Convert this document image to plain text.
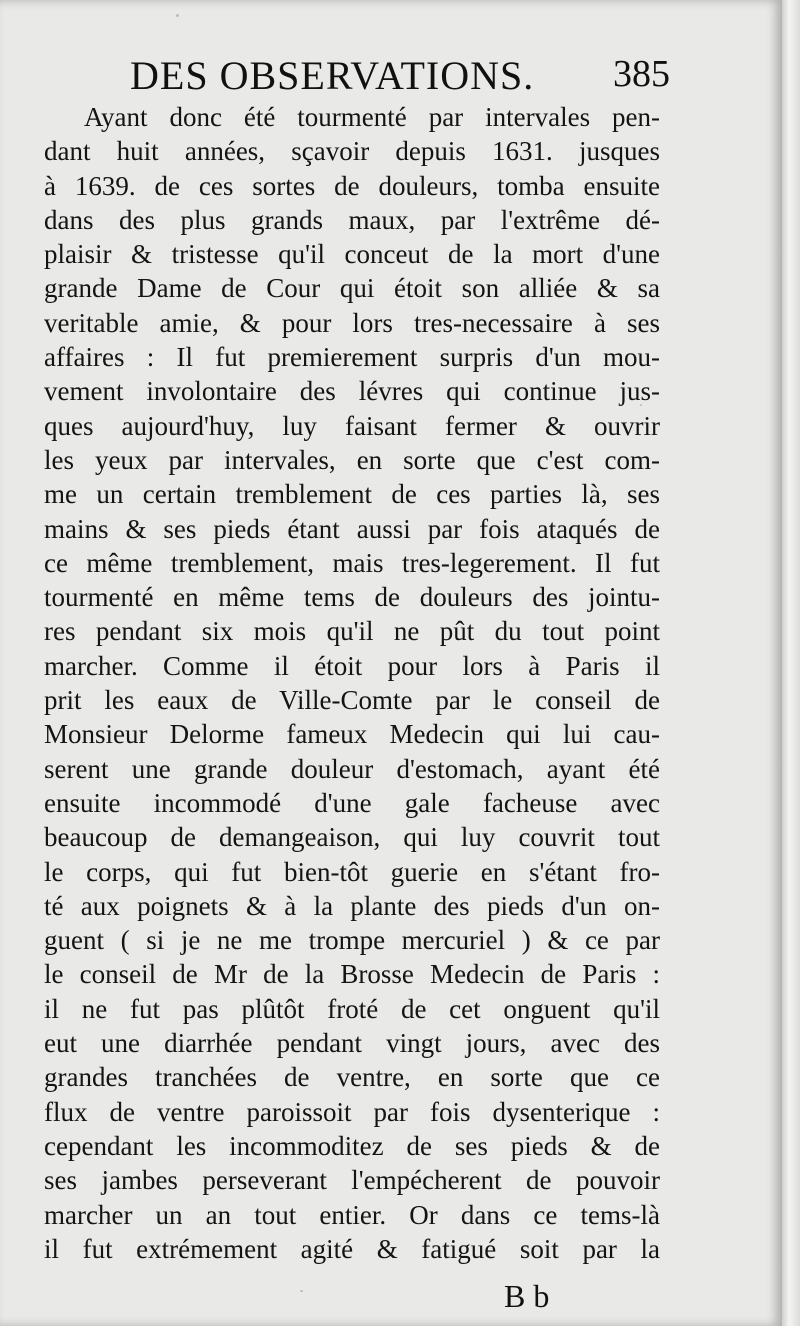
DES OBSERVATIONS. 385
Ayant donc été tourmenté par intervales pen-
dant huit années, sçavoir depuis 1631. jusques
à 1639. de ces sortes de douleurs, tomba ensuite
dans des plus grands maux, par l'extrême dé-
plaisir & tristesse qu'il conceut de la mort d'une
grande Dame de Cour qui étoit son alliée & sa
veritable amie, & pour lors tres-necessaire à ses
affaires : Il fut premierement surpris d'un mou-
vement involontaire des lévres qui continue jus-
ques aujourd'huy, luy faisant fermer & ouvrir
les yeux par intervales, en sorte que c'est com-
me un certain tremblement de ces parties là, ses
mains & ses pieds étant aussi par fois ataqués de
ce même tremblement, mais tres-legerement. Il fut
tourmenté en même tems de douleurs des jointu-
res pendant six mois qu'il ne pût du tout point
marcher. Comme il étoit pour lors à Paris il
prit les eaux de Ville-Comte par le conseil de
Monsieur Delorme fameux Medecin qui lui cau-
serent une grande douleur d'estomach, ayant été
ensuite incommodé d'une gale facheuse avec
beaucoup de demangeaison, qui luy couvrit tout
le corps, qui fut bien-tôt guerie en s'étant fro-
té aux poignets & à la plante des pieds d'un on-
guent ( si je ne me trompe mercuriel ) & ce par
le conseil de Mr de la Brosse Medecin de Paris :
il ne fut pas plûtôt froté de cet onguent qu'il
eut une diarrhée pendant vingt jours, avec des
grandes tranchées de ventre, en sorte que ce
flux de ventre paroissoit par fois dysenterique :
cependant les incommoditez de ses pieds & de
ses jambes perseverant l'empécherent de pouvoir
marcher un an tout entier. Or dans ce tems-là
il fut extrémement agité & fatigué soit par la
B b
